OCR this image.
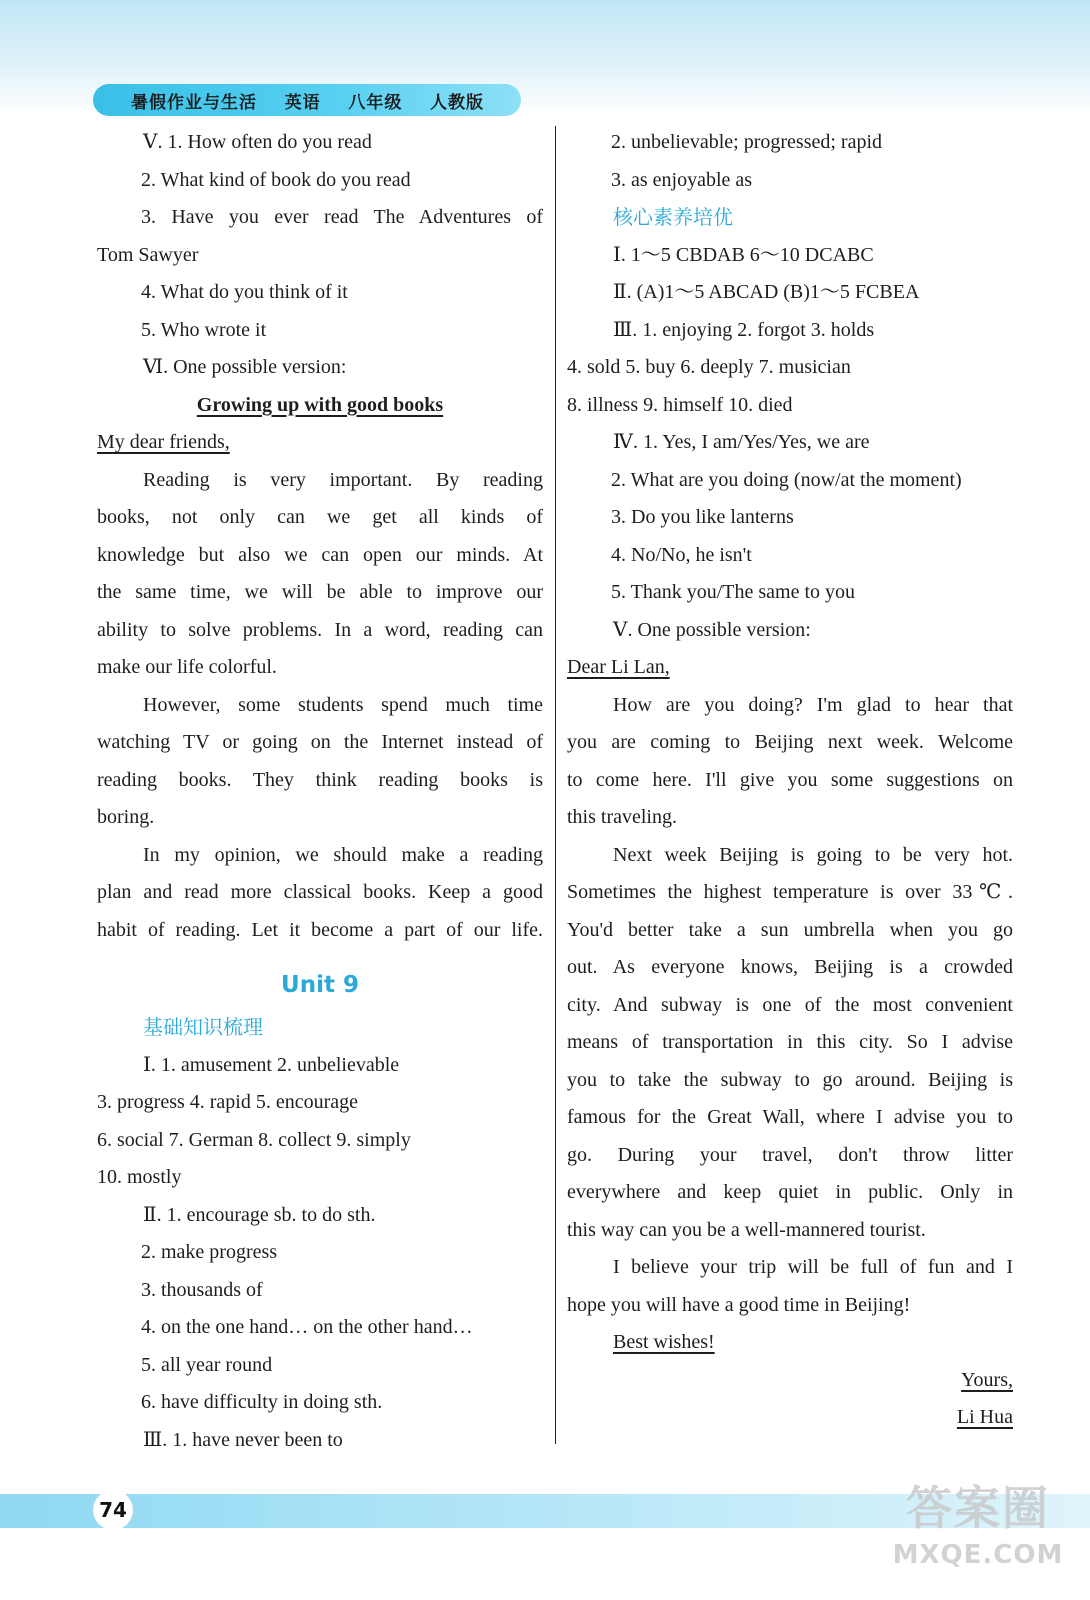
暑假作业与生活    英语    八年级    人教版
Ⅴ. 1. How often do you read
2. What kind of book do you read
3. Have you ever read The Adventures of
Tom Sawyer
4. What do you think of it
5. Who wrote it
Ⅵ. One possible version:
Growing up with good books
My dear friends,
Reading is very important. By reading
books, not only can we get all kinds of
knowledge but also we can open our minds. At
the same time, we will be able to improve our
ability to solve problems. In a word, reading can
make our life colorful.
However, some students spend much time
watching TV or going on the Internet instead of
reading books. They think reading books is
boring.
In my opinion, we should make a reading
plan and read more classical books. Keep a good
habit of reading. Let it become a part of our life.
Unit 9
基础知识梳理
Ⅰ. 1. amusement 2. unbelievable
3. progress 4. rapid 5. encourage
6. social 7. German 8. collect 9. simply
10. mostly
Ⅱ. 1. encourage sb. to do sth.
2. make progress
3. thousands of
4. on the one hand… on the other hand…
5. all year round
6. have difficulty in doing sth.
Ⅲ. 1. have never been to
2. unbelievable; progressed; rapid
3. as enjoyable as
核心素养培优
Ⅰ. 1～5 CBDAB 6～10 DCABC
Ⅱ. (A)1～5 ABCAD (B)1～5 FCBEA
Ⅲ. 1. enjoying 2. forgot 3. holds
4. sold 5. buy 6. deeply 7. musician
8. illness 9. himself 10. died
Ⅳ. 1. Yes, I am/Yes/Yes, we are
2. What are you doing (now/at the moment)
3. Do you like lanterns
4. No/No, he isn't
5. Thank you/The same to you
Ⅴ. One possible version:
Dear Li Lan,
How are you doing? I'm glad to hear that
you are coming to Beijing next week. Welcome
to come here. I'll give you some suggestions on
this traveling.
Next week Beijing is going to be very hot.
Sometimes the highest temperature is over 33℃.
You'd better take a sun umbrella when you go
out. As everyone knows, Beijing is a crowded
city. And subway is one of the most convenient
means of transportation in this city. So I advise
you to take the subway to go around. Beijing is
famous for the Great Wall, where I advise you to
go. During your travel, don't throw litter
everywhere and keep quiet in public. Only in
this way can you be a well-mannered tourist.
I believe your trip will be full of fun and I
hope you will have a good time in Beijing!
Best wishes!
Yours,
Li Hua
74	答案圈
MXQE.COM
